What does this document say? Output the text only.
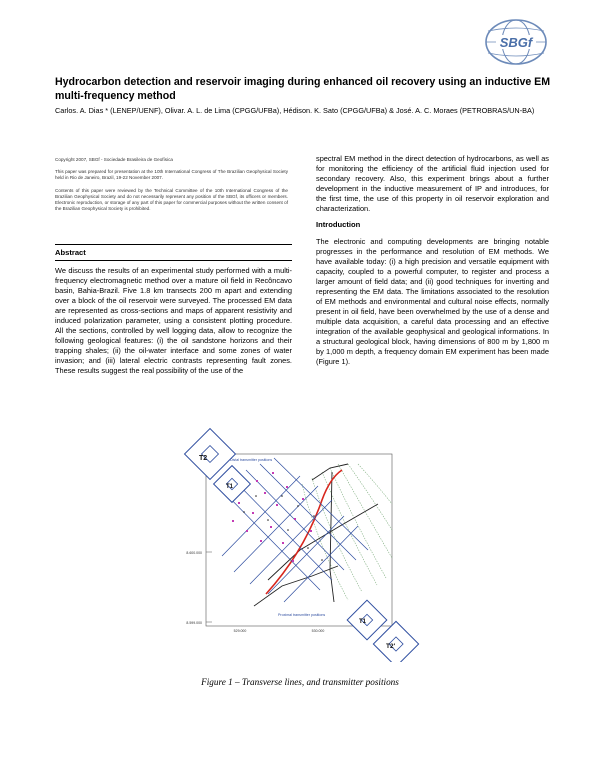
SBGf
Hydrocarbon detection and reservoir imaging during enhanced oil recovery using an inductive EM multi-frequency method
Carlos. A. Dias * (LENEP/UENF), Olivar. A. L. de Lima (CPGG/UFBa), Hédison. K. Sato (CPGG/UFBa) & José. A. C. Moraes (PETROBRAS/UN-BA)

Copyright 2007, SBGf - Sociedade Brasileira de Geofísica

This paper was prepared for presentation at the 10th International Congress of The Brazilian Geophysical Society held in Rio de Janeiro, Brazil, 19-22 November 2007.

Contents of this paper were reviewed by the Technical Committee of the 10th International Congress of the Brazilian Geophysical Society and do not necessarily represent any position of the SBGf, its officers or members. Electronic reproduction, or storage of any part of this paper for commercial purposes without the written consent of the Brazilian Geophysical Society is prohibited.

Abstract

We discuss the results of an experimental study performed with a multi-frequency electromagnetic method over a mature oil field in Recôncavo basin, Bahia-Brazil. Five 1.8 km transects 200 m apart and extending over a block of the oil reservoir were surveyed. The processed EM data are represented as cross-sections and maps of apparent resistivity and induced polarization parameter, using a consistent plotting procedure. All the sections, controlled by well logging data, allow to recognize the following geological features: (i) the oil sandstone horizons and their trapping shales; (ii) the oil-water interface and some zones of water invasion; and (iii) lateral electric contrasts representing fault zones. These results suggest the real possibility of the use of the

spectral EM method in the direct detection of hydrocarbons, as well as for monitoring the efficiency of the artificial fluid injection used for secondary recovery. Also, this experiment brings about a further development in the inductive measurement of IP and introduces, for the first time, the use of this property in oil reservoir exploration and characterization.

Introduction

The electronic and computing developments are bringing notable progresses in the performance and resolution of EM methods. We have available today: (i) a high precision and versatile equipment with capacity, coupled to a powerful computer, to register and process a larger amount of field data; and (ii) good techniques for inverting and representing the EM data. The limitations associated to the resolution of EM methods and environmental and cultural noise effects, normally present in oil field, have been overwhelmed by the use of a dense and multiple data acquisition, a careful data processing and an effective integration of the available geophysical and geological informations. In a structural geological block, having dimensions of 800 m by 1,800 m by 1,000 m depth, a frequency domain EM experiment has been made (Figure 1).

8.600.000
8.599.000
529.000	530.000
Distal transmitter positions
Proximal transmitter positions
T2
T1
T1
T2'
Figure 1 – Transverse lines, and transmitter positions
